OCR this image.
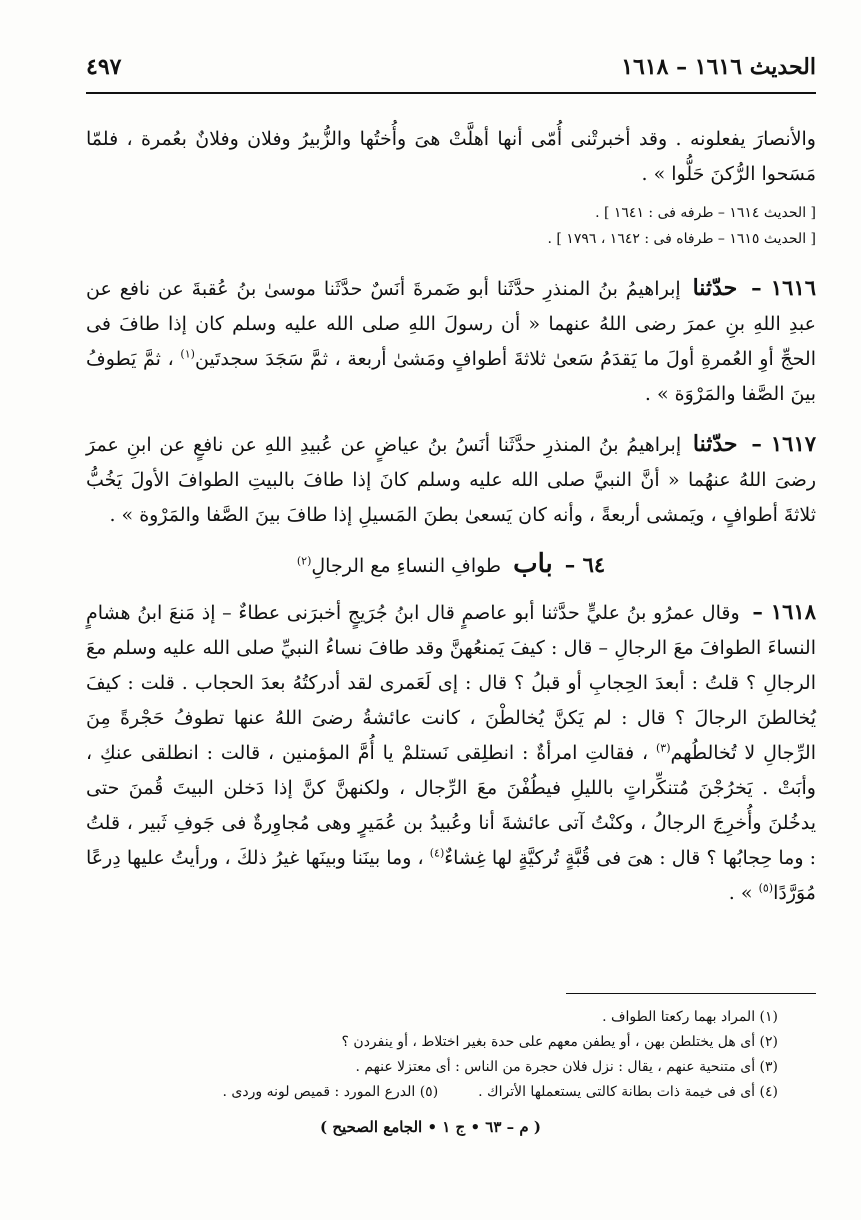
الحديث ١٦١٦ – ١٦١٨
٤٩٧

والأنصارَ يفعلونه . وقد أخبرتْنى أُمّى أنها أهلَّتْ هىَ وأُختُها والزُّبيرُ وفلان وفلانٌ بعُمرة ، فلمّا مَسَحوا الرُّكنَ حَلُّوا » .

[ الحديث ١٦١٤ – طرفه فى : ١٦٤١ ] .

[ الحديث ١٦١٥ – طرفاه فى : ١٦٤٢ ، ١٧٩٦ ] .

١٦١٦ – حدّثنا إبراهيمُ بنُ المنذرِ حدَّثَنا أبو ضَمرةَ أنَسٌ حدَّثَنا موسىٰ بنُ عُقبةَ عن نافع عن عبدِ اللهِ بنِ عمرَ رضى اللهُ عنهما « أن رسولَ اللهِ صلى الله عليه وسلم كان إذا طافَ فى الحجِّ أوِ العُمرةِ أولَ ما يَقدَمُ سَعىٰ ثلاثةَ أطوافٍ ومَشىٰ أربعة ، ثمَّ سَجَدَ سجدتَين$^{(١)}$ ، ثمَّ يَطوفُ بينَ الصَّفا والمَرْوَة » .

١٦١٧ – حدّثنا إبراهيمُ بنُ المنذرِ حدَّثَنا أنَسُ بنُ عياضٍ عن عُبيدِ اللهِ عن نافعٍ عن ابنِ عمرَ رضىَ اللهُ عنهُما « أنَّ النبيَّ صلى الله عليه وسلم كانَ إذا طافَ بالبيتِ الطوافَ الأولَ يَخُبُّ ثلاثةَ أطوافٍ ، ويَمشى أربعةً ، وأنه كان يَسعىٰ بطنَ المَسيلِ إذا طافَ بينَ الصَّفا والمَرْوة » .

٦٤ – باب طوافِ النساءِ مع الرجالِ$^{(٢)}$

١٦١٨ – وقال عمرُو بنُ عليٍّ حدَّثنا أبو عاصمٍ قال ابنُ جُرَيجٍ أخبرَنى عطاءٌ – إذ مَنعَ ابنُ هشامٍ النساءَ الطوافَ معَ الرجالِ – قال : كيفَ يَمنعُهنَّ وقد طافَ نساءُ النبيِّ صلى الله عليه وسلم معَ الرجالِ ؟ قلتُ : أبعدَ الحِجابِ أو قبلُ ؟ قال : إى لَعَمرى لقد أدركتُهُ بعدَ الحجاب . قلت : كيفَ يُخالطنَ الرجالَ ؟ قال : لم يَكنَّ يُخالطْنَ ، كانت عائشةُ رضىَ اللهُ عنها تطوفُ حَجْرةً مِنَ الرِّجالِ لا تُخالطُهم$^{(٣)}$ ، فقالتِ امرأةٌ : انطلِقى نَستلمْ يا أُمَّ المؤمنين ، قالت : انطلقى عنكِ ، وأبَتْ . يَخرُجْنَ مُتنكِّراتٍ بالليلِ فيطُفْنَ معَ الرِّجال ، ولكنهنَّ كنَّ إذا دَخلن البيتَ قُمنَ حتى يدخُلنَ وأُخرِجَ الرجالُ ، وكنْتُ آتى عائشةَ أنا وعُبيدُ بن عُمَيرٍ وهى مُجاوِرةٌ فى جَوفِ ثَبير ، قلتُ : وما حِجابُها ؟ قال : هىَ فى قُبَّةٍ تُركيَّةٍ لها غِشاءٌ$^{(٤)}$ ، وما بينَنا وبينَها غيرُ ذلكَ ، ورأيتُ عليها دِرعًا مُوَرَّدًا$^{(٥)}$ » .

(١) المراد بهما ركعتا الطواف .

(٢) أى هل يختلطن بهن ، أو يطفن معهم على حدة بغير اختلاط ، أو ينفردن ؟

(٣) أى متنحية عنهم ، يقال : نزل فلان حجرة من الناس : أى معتزلا عنهم .

(٤) أى فى خيمة ذات بطانة كالتى يستعملها الأتراك .
(٥) الدرع المورد : قميص لونه وردى .
( م – ٦٣ • ج ١ • الجامع الصحيح )
